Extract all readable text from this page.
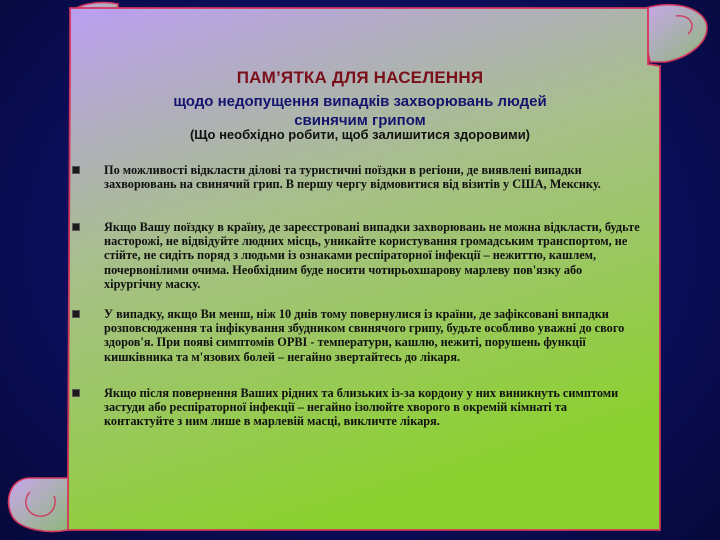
ПАМ’ЯТКА ДЛЯ НАСЕЛЕННЯ
щодо недопущення випадків захворювань людей
свинячим грипом
(Що необхідно робити, щоб залишитися здоровими)
По можливості відкласти ділові та туристичні поїздки в регіони, де виявлені випадки захворювань на свинячий грип. В першу чергу відмовитися від візитів у США, Мексику.
Якщо Вашу поїздку в країну, де зареєстровані випадки захворювань не можна відкласти, будьте насторожі, не відвідуйте людних місць, уникайте користування громадським транспортом, не стійте, не сидіть поряд з людьми із ознаками респіраторної інфекції – нежиттю, кашлем, почервонілими очима. Необхідним буде носити чотирьохшарову марлеву пов'язку або хірургічну маску.
У випадку, якщо Ви менш, ніж 10 днів тому повернулися із країни, де зафіксовані випадки розповсюдження та інфікування збудником свинячого грипу, будьте особливо уважні до свого здоров'я. При появі симптомів ОРВІ - температури, кашлю, нежиті, порушень функції кишківника та м'язових болей – негайно звертайтесь до лікаря.
Якщо після повернення Ваших рідних та близьких із-за кордону у них виникнуть симптоми застуди або респіраторної інфекції – негайно ізолюйте хворого в окремій кімнаті та контактуйте з ним лише в марлевій масці, викличте лікаря.
